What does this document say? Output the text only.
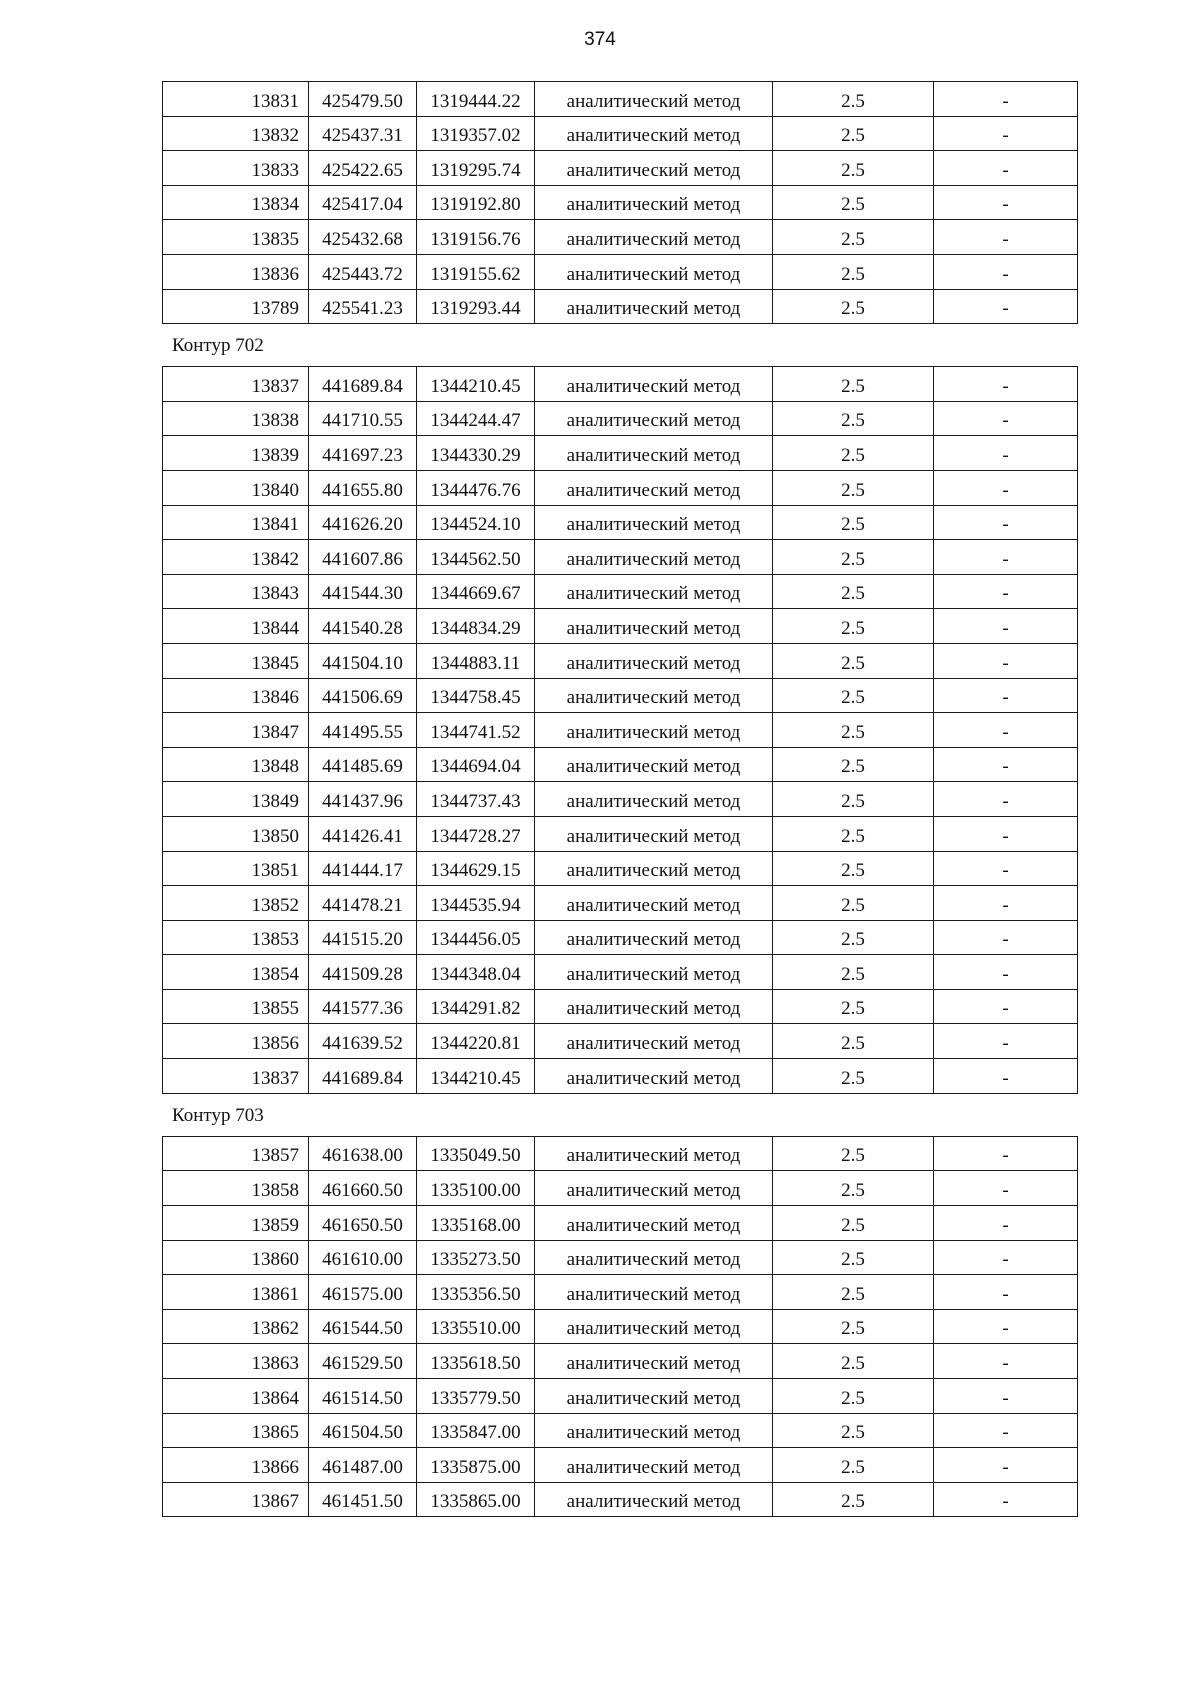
374
13831	425479.50	1319444.22	аналитический метод	2.5	-
13832	425437.31	1319357.02	аналитический метод	2.5	-
13833	425422.65	1319295.74	аналитический метод	2.5	-
13834	425417.04	1319192.80	аналитический метод	2.5	-
13835	425432.68	1319156.76	аналитический метод	2.5	-
13836	425443.72	1319155.62	аналитический метод	2.5	-
13789	425541.23	1319293.44	аналитический метод	2.5	-
Контур 702
13837	441689.84	1344210.45	аналитический метод	2.5	-
13838	441710.55	1344244.47	аналитический метод	2.5	-
13839	441697.23	1344330.29	аналитический метод	2.5	-
13840	441655.80	1344476.76	аналитический метод	2.5	-
13841	441626.20	1344524.10	аналитический метод	2.5	-
13842	441607.86	1344562.50	аналитический метод	2.5	-
13843	441544.30	1344669.67	аналитический метод	2.5	-
13844	441540.28	1344834.29	аналитический метод	2.5	-
13845	441504.10	1344883.11	аналитический метод	2.5	-
13846	441506.69	1344758.45	аналитический метод	2.5	-
13847	441495.55	1344741.52	аналитический метод	2.5	-
13848	441485.69	1344694.04	аналитический метод	2.5	-
13849	441437.96	1344737.43	аналитический метод	2.5	-
13850	441426.41	1344728.27	аналитический метод	2.5	-
13851	441444.17	1344629.15	аналитический метод	2.5	-
13852	441478.21	1344535.94	аналитический метод	2.5	-
13853	441515.20	1344456.05	аналитический метод	2.5	-
13854	441509.28	1344348.04	аналитический метод	2.5	-
13855	441577.36	1344291.82	аналитический метод	2.5	-
13856	441639.52	1344220.81	аналитический метод	2.5	-
13837	441689.84	1344210.45	аналитический метод	2.5	-
Контур 703
13857	461638.00	1335049.50	аналитический метод	2.5	-
13858	461660.50	1335100.00	аналитический метод	2.5	-
13859	461650.50	1335168.00	аналитический метод	2.5	-
13860	461610.00	1335273.50	аналитический метод	2.5	-
13861	461575.00	1335356.50	аналитический метод	2.5	-
13862	461544.50	1335510.00	аналитический метод	2.5	-
13863	461529.50	1335618.50	аналитический метод	2.5	-
13864	461514.50	1335779.50	аналитический метод	2.5	-
13865	461504.50	1335847.00	аналитический метод	2.5	-
13866	461487.00	1335875.00	аналитический метод	2.5	-
13867	461451.50	1335865.00	аналитический метод	2.5	-
